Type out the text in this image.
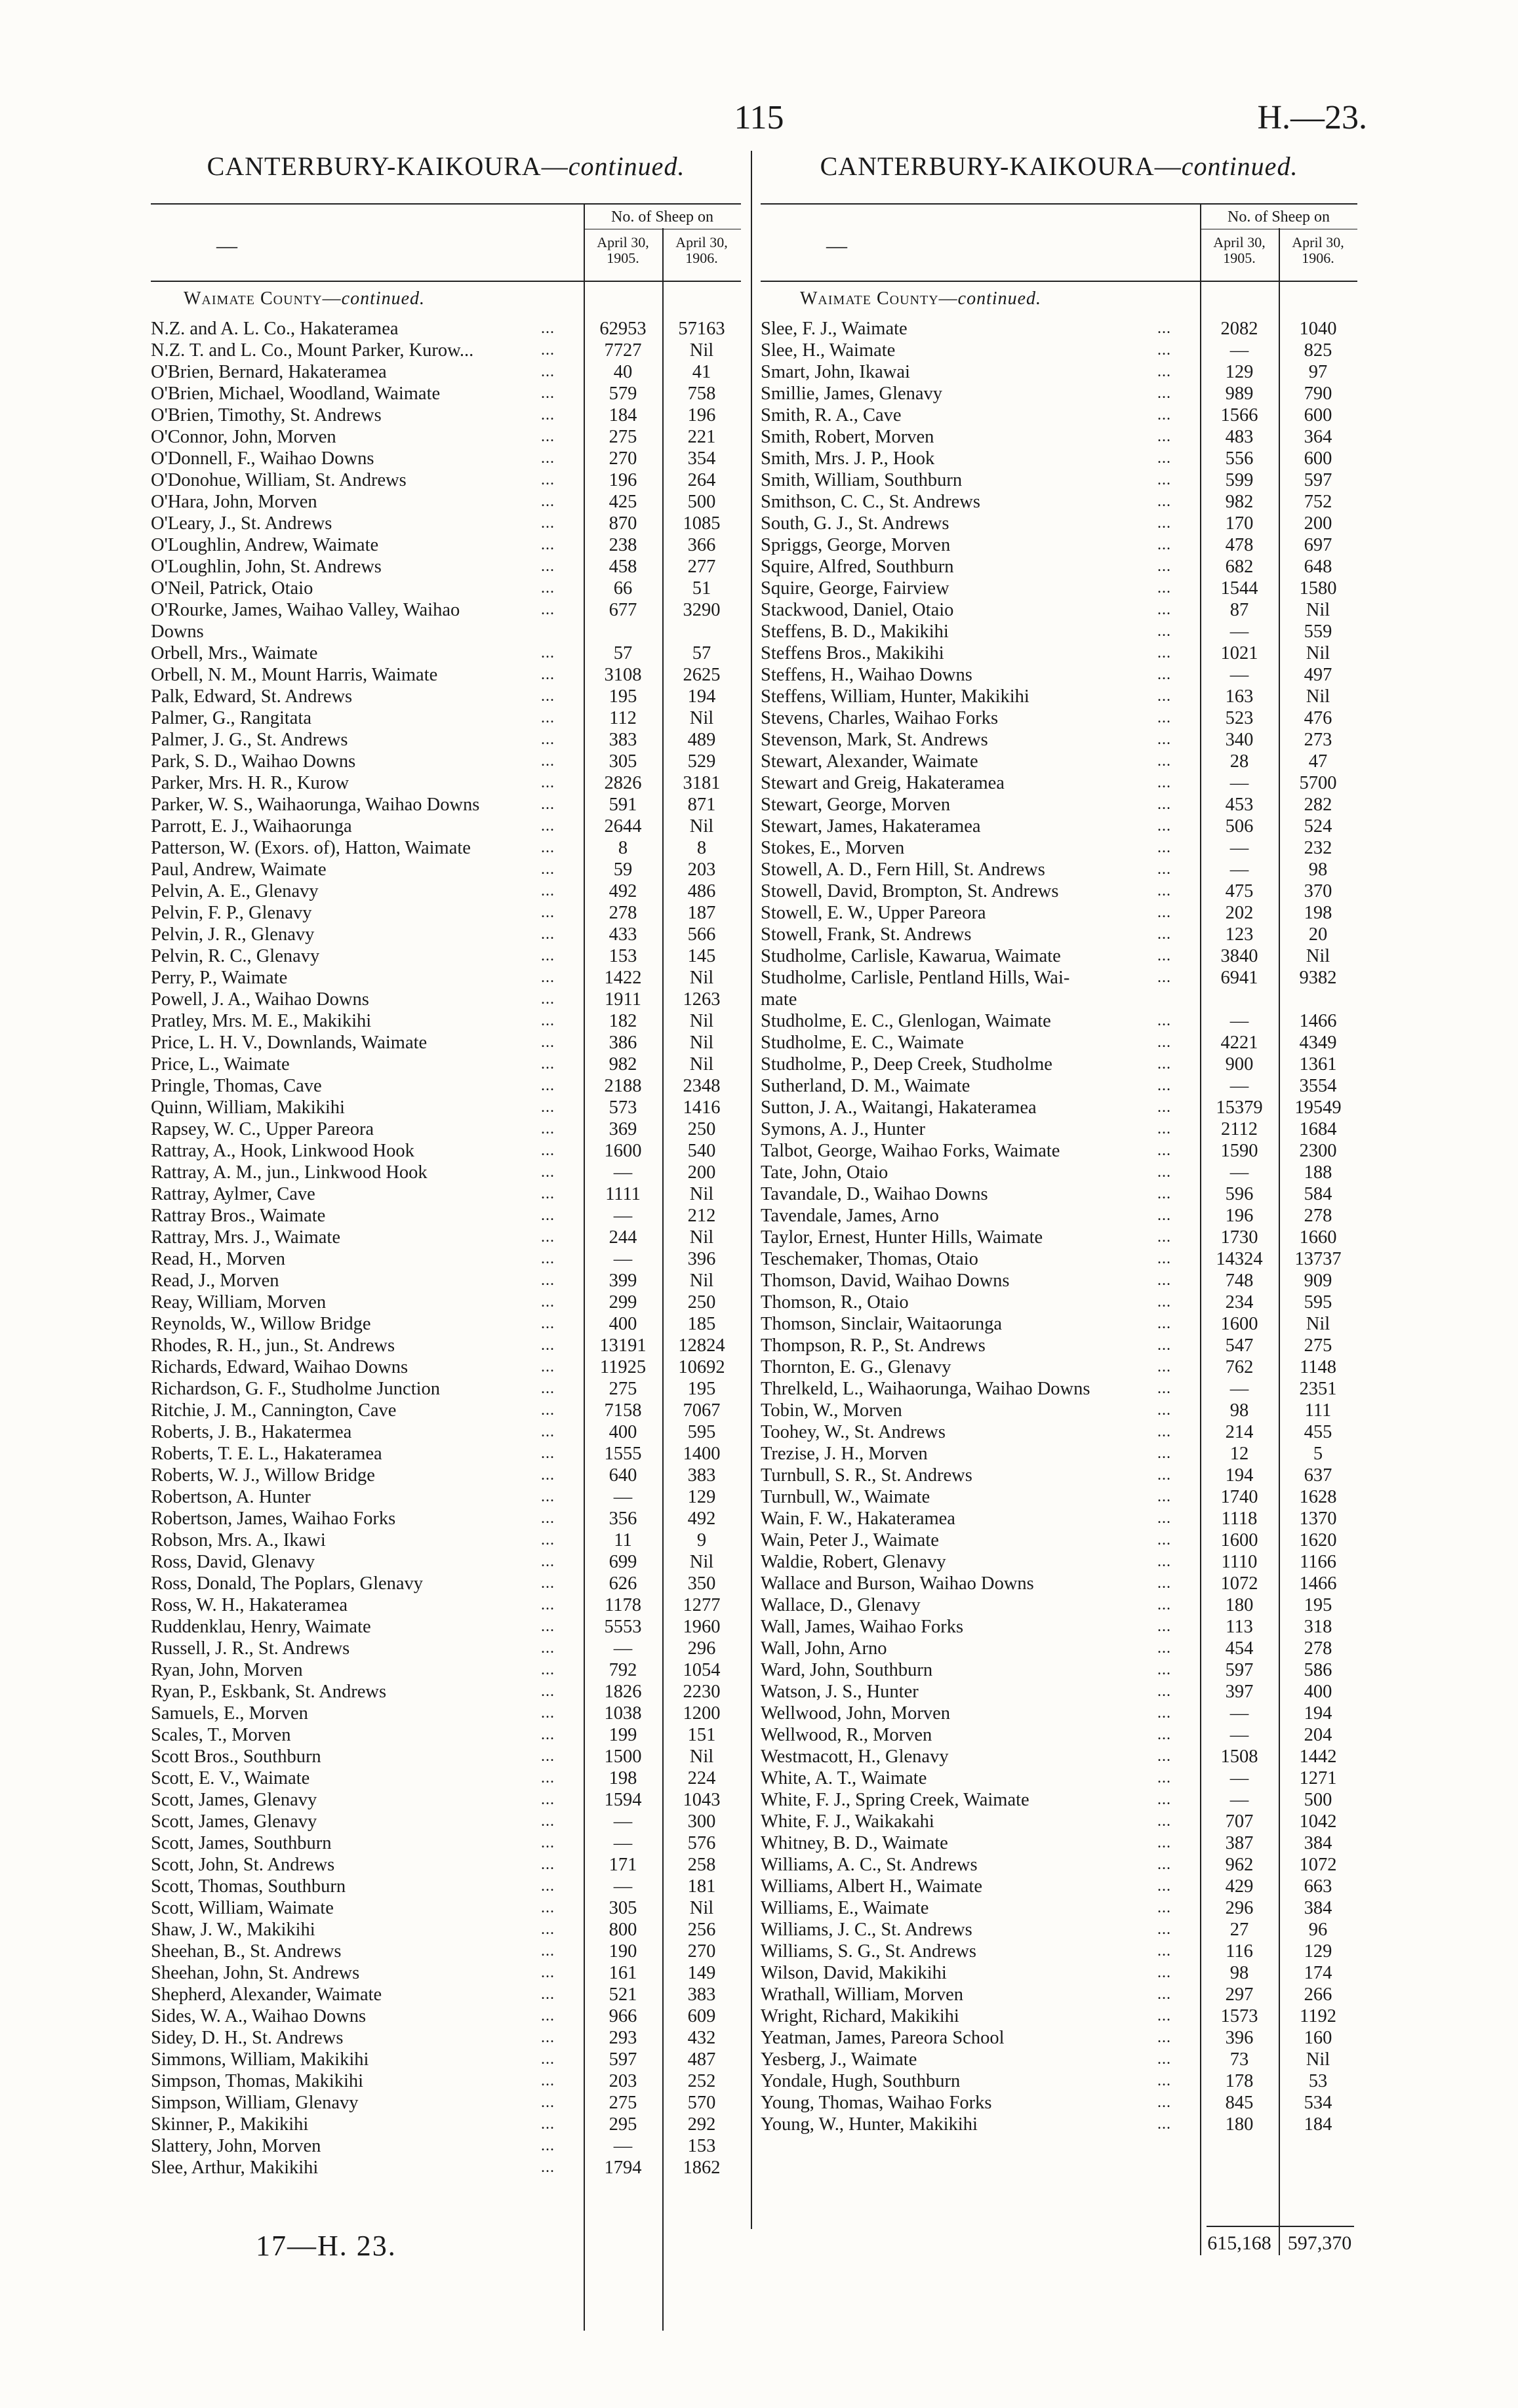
115	H.—23.
CANTERBURY-KAIKOURA—continued.
—
No. of Sheep on
April 30,
1905.
April 30,
1906.
Waimate County—continued.
N.Z. and A. L. Co., Hakateramea	...	62953	57163
N.Z. T. and L. Co., Mount Parker, Kurow...	...	7727	Nil
O'Brien, Bernard, Hakateramea	...	40	41
O'Brien, Michael, Woodland, Waimate	...	579	758
O'Brien, Timothy, St. Andrews	...	184	196
O'Connor, John, Morven	...	275	221
O'Donnell, F., Waihao Downs	...	270	354
O'Donohue, William, St. Andrews	...	196	264
O'Hara, John, Morven	...	425	500
O'Leary, J., St. Andrews	...	870	1085
O'Loughlin, Andrew, Waimate	...	238	366
O'Loughlin, John, St. Andrews	...	458	277
O'Neil, Patrick, Otaio	...	66	51
O'Rourke, James, Waihao Valley, Waihao	...	677	3290
Downs
Orbell, Mrs., Waimate	...	57	57
Orbell, N. M., Mount Harris, Waimate	...	3108	2625
Palk, Edward, St. Andrews	...	195	194
Palmer, G., Rangitata	...	112	Nil
Palmer, J. G., St. Andrews	...	383	489
Park, S. D., Waihao Downs	...	305	529
Parker, Mrs. H. R., Kurow	...	2826	3181
Parker, W. S., Waihaorunga, Waihao Downs	...	591	871
Parrott, E. J., Waihaorunga	...	2644	Nil
Patterson, W. (Exors. of), Hatton, Waimate	...	8	8
Paul, Andrew, Waimate	...	59	203
Pelvin, A. E., Glenavy	...	492	486
Pelvin, F. P., Glenavy	...	278	187
Pelvin, J. R., Glenavy	...	433	566
Pelvin, R. C., Glenavy	...	153	145
Perry, P., Waimate	...	1422	Nil
Powell, J. A., Waihao Downs	...	1911	1263
Pratley, Mrs. M. E., Makikihi	...	182	Nil
Price, L. H. V., Downlands, Waimate	...	386	Nil
Price, L., Waimate	...	982	Nil
Pringle, Thomas, Cave	...	2188	2348
Quinn, William, Makikihi	...	573	1416
Rapsey, W. C., Upper Pareora	...	369	250
Rattray, A., Hook, Linkwood Hook	...	1600	540
Rattray, A. M., jun., Linkwood Hook	...	—	200
Rattray, Aylmer, Cave	...	1111	Nil
Rattray Bros., Waimate	...	—	212
Rattray, Mrs. J., Waimate	...	244	Nil
Read, H., Morven	...	—	396
Read, J., Morven	...	399	Nil
Reay, William, Morven	...	299	250
Reynolds, W., Willow Bridge	...	400	185
Rhodes, R. H., jun., St. Andrews	...	13191	12824
Richards, Edward, Waihao Downs	...	11925	10692
Richardson, G. F., Studholme Junction	...	275	195
Ritchie, J. M., Cannington, Cave	...	7158	7067
Roberts, J. B., Hakatermea	...	400	595
Roberts, T. E. L., Hakateramea	...	1555	1400
Roberts, W. J., Willow Bridge	...	640	383
Robertson, A. Hunter	...	—	129
Robertson, James, Waihao Forks	...	356	492
Robson, Mrs. A., Ikawi	...	11	9
Ross, David, Glenavy	...	699	Nil
Ross, Donald, The Poplars, Glenavy	...	626	350
Ross, W. H., Hakateramea	...	1178	1277
Ruddenklau, Henry, Waimate	...	5553	1960
Russell, J. R., St. Andrews	...	—	296
Ryan, John, Morven	...	792	1054
Ryan, P., Eskbank, St. Andrews	...	1826	2230
Samuels, E., Morven	...	1038	1200
Scales, T., Morven	...	199	151
Scott Bros., Southburn	...	1500	Nil
Scott, E. V., Waimate	...	198	224
Scott, James, Glenavy	...	1594	1043
Scott, James, Glenavy	...	—	300
Scott, James, Southburn	...	—	576
Scott, John, St. Andrews	...	171	258
Scott, Thomas, Southburn	...	—	181
Scott, William, Waimate	...	305	Nil
Shaw, J. W., Makikihi	...	800	256
Sheehan, B., St. Andrews	...	190	270
Sheehan, John, St. Andrews	...	161	149
Shepherd, Alexander, Waimate	...	521	383
Sides, W. A., Waihao Downs	...	966	609
Sidey, D. H., St. Andrews	...	293	432
Simmons, William, Makikihi	...	597	487
Simpson, Thomas, Makikihi	...	203	252
Simpson, William, Glenavy	...	275	570
Skinner, P., Makikihi	...	295	292
Slattery, John, Morven	...	—	153
Slee, Arthur, Makikihi	...	1794	1862
CANTERBURY-KAIKOURA—continued.
—
No. of Sheep on
April 30,
1905.
April 30,
1906.
Waimate County—continued.
Slee, F. J., Waimate	...	2082	1040
Slee, H., Waimate	...	—	825
Smart, John, Ikawai	...	129	97
Smillie, James, Glenavy	...	989	790
Smith, R. A., Cave	...	1566	600
Smith, Robert, Morven	...	483	364
Smith, Mrs. J. P., Hook	...	556	600
Smith, William, Southburn	...	599	597
Smithson, C. C., St. Andrews	...	982	752
South, G. J., St. Andrews	...	170	200
Spriggs, George, Morven	...	478	697
Squire, Alfred, Southburn	...	682	648
Squire, George, Fairview	...	1544	1580
Stackwood, Daniel, Otaio	...	87	Nil
Steffens, B. D., Makikihi	...	—	559
Steffens Bros., Makikihi	...	1021	Nil
Steffens, H., Waihao Downs	...	—	497
Steffens, William, Hunter, Makikihi	...	163	Nil
Stevens, Charles, Waihao Forks	...	523	476
Stevenson, Mark, St. Andrews	...	340	273
Stewart, Alexander, Waimate	...	28	47
Stewart and Greig, Hakateramea	...	—	5700
Stewart, George, Morven	...	453	282
Stewart, James, Hakateramea	...	506	524
Stokes, E., Morven	...	—	232
Stowell, A. D., Fern Hill, St. Andrews	...	—	98
Stowell, David, Brompton, St. Andrews	...	475	370
Stowell, E. W., Upper Pareora	...	202	198
Stowell, Frank, St. Andrews	...	123	20
Studholme, Carlisle, Kawarua, Waimate	...	3840	Nil
Studholme, Carlisle, Pentland Hills, Wai-	...	6941	9382
mate
Studholme, E. C., Glenlogan, Waimate	...	—	1466
Studholme, E. C., Waimate	...	4221	4349
Studholme, P., Deep Creek, Studholme	...	900	1361
Sutherland, D. M., Waimate	...	—	3554
Sutton, J. A., Waitangi, Hakateramea	...	15379	19549
Symons, A. J., Hunter	...	2112	1684
Talbot, George, Waihao Forks, Waimate	...	1590	2300
Tate, John, Otaio	...	—	188
Tavandale, D., Waihao Downs	...	596	584
Tavendale, James, Arno	...	196	278
Taylor, Ernest, Hunter Hills, Waimate	...	1730	1660
Teschemaker, Thomas, Otaio	...	14324	13737
Thomson, David, Waihao Downs	...	748	909
Thomson, R., Otaio	...	234	595
Thomson, Sinclair, Waitaorunga	...	1600	Nil
Thompson, R. P., St. Andrews	...	547	275
Thornton, E. G., Glenavy	...	762	1148
Threlkeld, L., Waihaorunga, Waihao Downs	...	—	2351
Tobin, W., Morven	...	98	111
Toohey, W., St. Andrews	...	214	455
Trezise, J. H., Morven	...	12	5
Turnbull, S. R., St. Andrews	...	194	637
Turnbull, W., Waimate	...	1740	1628
Wain, F. W., Hakateramea	...	1118	1370
Wain, Peter J., Waimate	...	1600	1620
Waldie, Robert, Glenavy	...	1110	1166
Wallace and Burson, Waihao Downs	...	1072	1466
Wallace, D., Glenavy	...	180	195
Wall, James, Waihao Forks	...	113	318
Wall, John, Arno	...	454	278
Ward, John, Southburn	...	597	586
Watson, J. S., Hunter	...	397	400
Wellwood, John, Morven	...	—	194
Wellwood, R., Morven	...	—	204
Westmacott, H., Glenavy	...	1508	1442
White, A. T., Waimate	...	—	1271
White, F. J., Spring Creek, Waimate	...	—	500
White, F. J., Waikakahi	...	707	1042
Whitney, B. D., Waimate	...	387	384
Williams, A. C., St. Andrews	...	962	1072
Williams, Albert H., Waimate	...	429	663
Williams, E., Waimate	...	296	384
Williams, J. C., St. Andrews	...	27	96
Williams, S. G., St. Andrews	...	116	129
Wilson, David, Makikihi	...	98	174
Wrathall, William, Morven	...	297	266
Wright, Richard, Makikihi	...	1573	1192
Yeatman, James, Pareora School	...	396	160
Yesberg, J., Waimate	...	73	Nil
Yondale, Hugh, Southburn	...	178	53
Young, Thomas, Waihao Forks	...	845	534
Young, W., Hunter, Makikihi	...	180	184
615,168 597,370
17—H. 23.
